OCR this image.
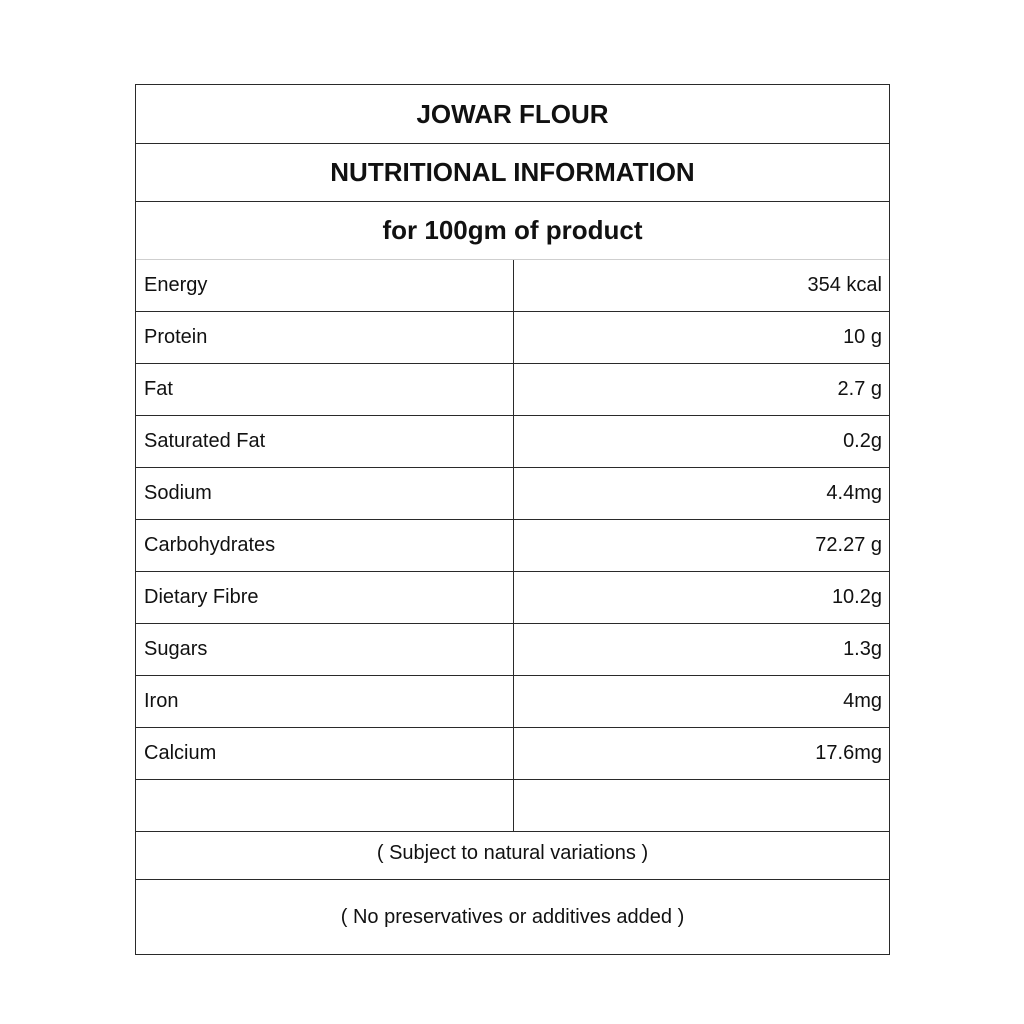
JOWAR FLOUR
NUTRITIONAL INFORMATION
for 100gm of product
Energy	354 kcal
Protein	10 g
Fat	2.7 g
Saturated Fat	0.2g
Sodium	4.4mg
Carbohydrates	72.27 g
Dietary Fibre	10.2g
Sugars	1.3g
Iron	4mg
Calcium	17.6mg
( Subject to natural variations )
( No preservatives or additives added )
